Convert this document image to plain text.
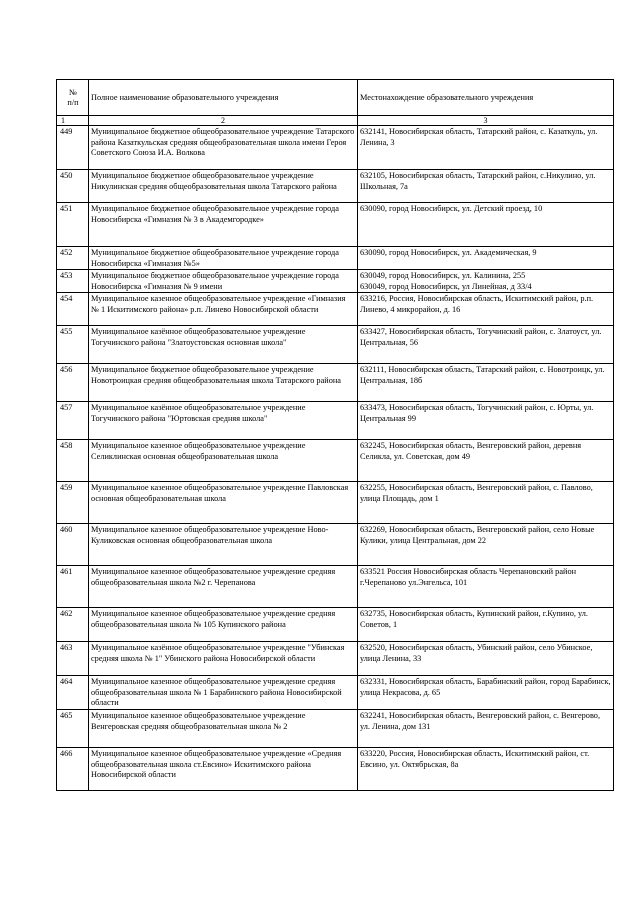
№
п/п	Полное наименование образовательного учреждения	Местонахождение образовательного учреждения
1	2	3
449	Муниципальное бюджетное общеобразовательное учреждение Татарского района Казаткульская средняя общеобразовательная школа имени Героя Советского Союза И.А. Волкова	632141, Новосибирская область, Татарский район, с. Казаткуль, ул. Ленина, 3
450	Муниципальное бюджетное общеобразовательное учреждение Никулинская средняя общеобразовательная школа Татарского района	632105, Новосибирская область, Татарский район, с.Никулино, ул. Школьная, 7а
451	Муниципальное бюджетное общеобразовательное учреждение города Новосибирска «Гимназия № 3 в Академгородке»	630090, город Новосибирск, ул. Детский проезд, 10
452	Муниципальное бюджетное общеобразовательное учреждение города Новосибирска «Гимназия №5»	630090, город Новосибирск, ул. Академическая, 9
453	Муниципальное бюджетное общеобразовательное учреждение города Новосибирска «Гимназия № 9 имени	630049, город Новосибирск, ул. Калинина, 255
630049, город Новосибирск, ул Линейная, д 33/4
454	Муниципальное казенное общеобразовательное учреждение «Гимназия № 1 Искитимского района» р.п. Линево Новосибирской области	633216, Россия, Новосибирская область, Искитимский район, р.п. Линево, 4 микрорайон, д. 16
455	Муниципальное казённое общеобразовательное учреждение Тогучинского района "Златоустовская основная школа"	633427, Новосибирская область, Тогучинский район, с. Златоуст, ул. Центральная, 56
456	Муниципальное бюджетное общеобразовательное учреждение Новотроицкая средняя общеобразовательная школа Татарского района	632111, Новосибирская область, Татарский район, с. Новотроицк, ул. Центральная, 18б
457	Муниципальное казённое общеобразовательное учреждение Тогучинского района "Юртовская средняя школа"	633473, Новосибирская область, Тогучинский район, с. Юрты, ул. Центральная 99
458	Муниципальное казенное общеобразовательное учреждение Селиклинская основная общеобразовательная школа	632245, Новосибирская область, Венгеровский район, деревня Селикла, ул. Советская, дом 49
459	Муниципальное казенное общеобразовательное учреждение Павловская основная общеобразовательная школа	632255, Новосибирская область, Венгеровский район, с. Павлово, улица Площадь, дом 1
460	Муниципальное казенное общеобразовательное учреждение Ново-Куликовская основная общеобразовательная школа	632269, Новосибирская область, Венгеровский район, село Новые Кулики, улица Центральная, дом 22
461	Муниципальное казенное общеобразовательное учреждение средняя общеобразовательная школа №2 г. Черепанова	633521 Россия Новосибирская область Черепановский район г.Черепаново ул.Энгельса, 101
462	Муниципальное казенное общеобразовательное учреждение средняя общеобразовательная школа № 105 Купинского района	632735, Новосибирская область, Купинский район, г.Купино, ул. Советов, 1
463	Муниципальное казённое общеобразовательное учреждение "Убинская средняя школа № 1" Убинского района Новосибирской области	632520, Новосибирская область, Убинский район, село Убинское, улица Ленина, 33
464	Муниципальное казенное общеобразовательное учреждение средняя общеобразовательная школа № 1 Барабинского района Новосибирской области	632331, Новосибирская область, Барабинский район, город Барабинск, улица Некрасова, д. 65
465	Муниципальное казенное общеобразовательное учреждение Венгеровская средняя общеобразовательная школа № 2	632241, Новосибирская область, Венгеровский район, с. Венгерово, ул. Ленина, дом 131
466	Муниципальное казенное общеобразовательное учреждение «Средняя общеобразовательная школа ст.Евсино» Искитимского района Новосибирской области	633220, Россия, Новосибирская область, Искитимский район, ст. Евсино, ул. Октябрьская, 8а
